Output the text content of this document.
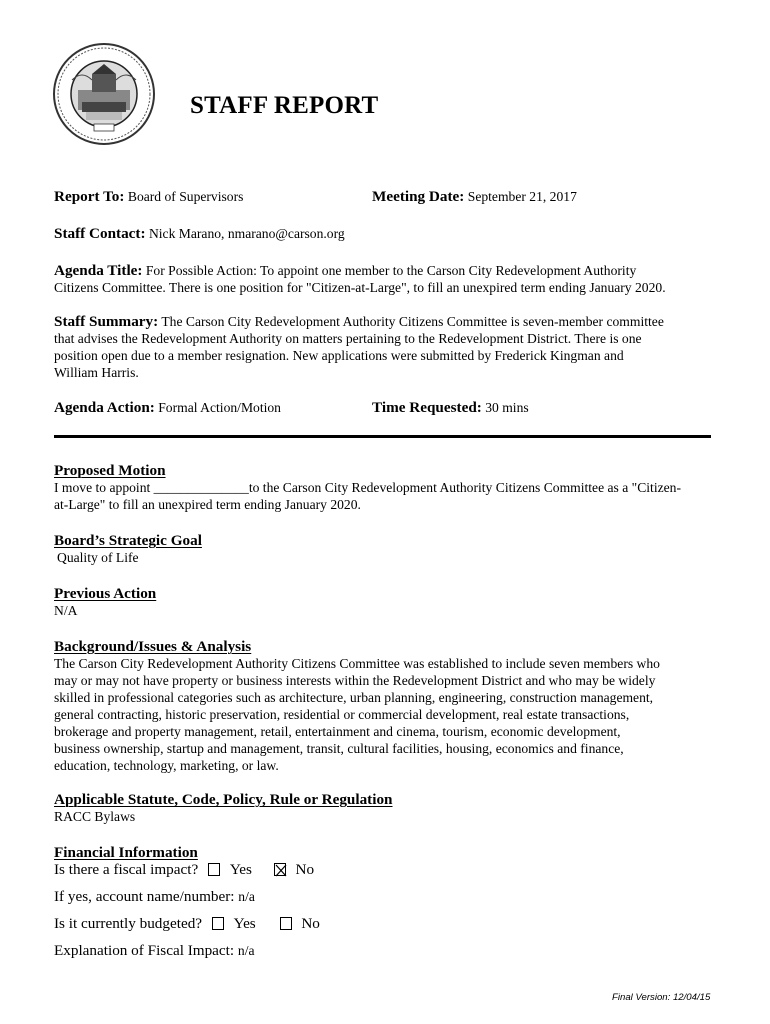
STAFF REPORT
Report To: Board of Supervisors	Meeting Date: September 21, 2017
Staff Contact: Nick Marano, nmarano@carson.org
Agenda Title: For Possible Action: To appoint one member to the Carson City Redevelopment Authority
Citizens Committee. There is one position for "Citizen-at-Large", to fill an unexpired term ending January 2020.
Staff Summary: The Carson City Redevelopment Authority Citizens Committee is seven-member committee
that advises the Redevelopment Authority on matters pertaining to the Redevelopment District. There is one
position open due to a member resignation. New applications were submitted by Frederick Kingman and
William Harris.
Agenda Action: Formal Action/Motion	Time Requested: 30 mins
Proposed Motion
I move to appoint ______________to the Carson City Redevelopment Authority Citizens Committee as a "Citizen-
at-Large" to fill an unexpired term ending January 2020.
Board’s Strategic Goal
Quality of Life
Previous Action
N/A
Background/Issues & Analysis
The Carson City Redevelopment Authority Citizens Committee was established to include seven members who
may or may not have property or business interests within the Redevelopment District and who may be widely
skilled in professional categories such as architecture, urban planning, engineering, construction management,
general contracting, historic preservation, residential or commercial development, real estate transactions,
brokerage and property management, retail, entertainment and cinema, tourism, economic development,
business ownership, startup and management, transit, cultural facilities, housing, economics and finance,
education, technology, marketing, or law.
Applicable Statute, Code, Policy, Rule or Regulation
RACC Bylaws
Financial Information
Is there a fiscal impact? Yes	No
If yes, account name/number: n/a
Is it currently budgeted? Yes	No
Explanation of Fiscal Impact: n/a
Final Version: 12/04/15
